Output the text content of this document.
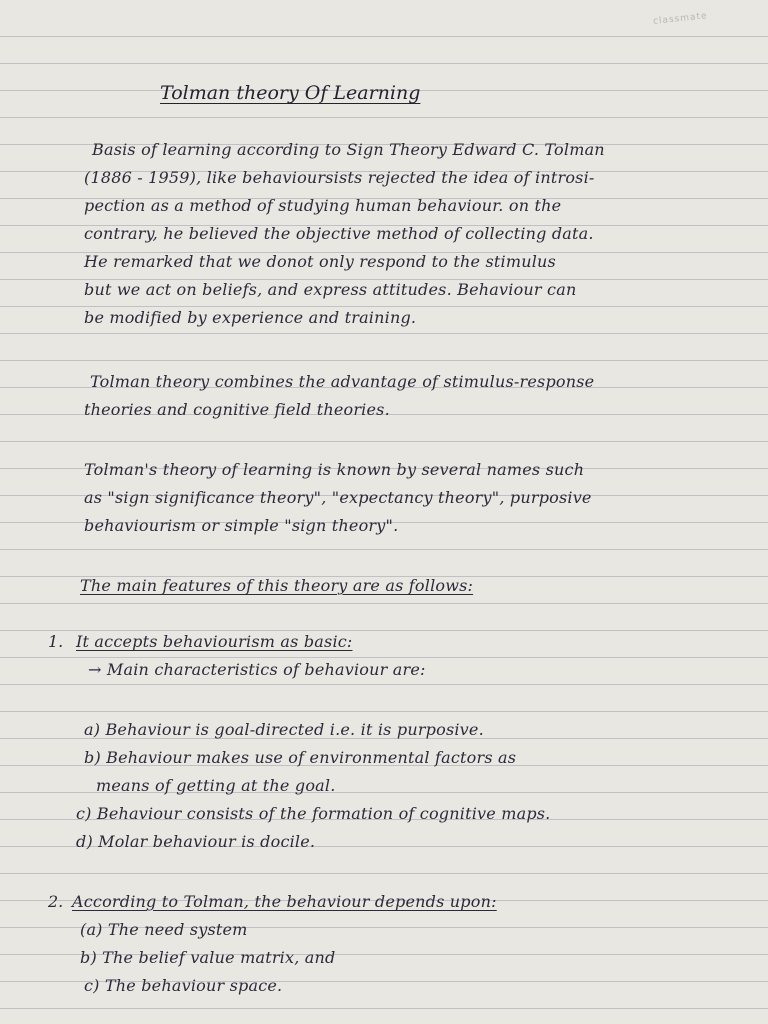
classmate
Tolman theory Of Learning
Basis of learning according to Sign Theory Edward C. Tolman
(1886 - 1959), like behavioursists rejected the idea of introsi-
pection as a method of studying human behaviour. on the
contrary, he believed the objective method of collecting data.
He remarked that we donot only respond to the stimulus
but we act on beliefs, and express attitudes. Behaviour can
be modified by experience and training.
Tolman theory combines the advantage of stimulus-response
theories and cognitive field theories.
Tolman's theory of learning is known by several names such
as "sign significance theory", "expectancy theory", purposive
behaviourism or simple "sign theory".
The main features of this theory are as follows:
1. It accepts behaviourism as basic:
→ Main characteristics of behaviour are:
a) Behaviour is goal-directed i.e. it is purposive.
b) Behaviour makes use of environmental factors as
means of getting at the goal.
c) Behaviour consists of the formation of cognitive maps.
d) Molar behaviour is docile.
2. According to Tolman, the behaviour depends upon:
(a) The need system
b) The belief value matrix, and
c) The behaviour space.
